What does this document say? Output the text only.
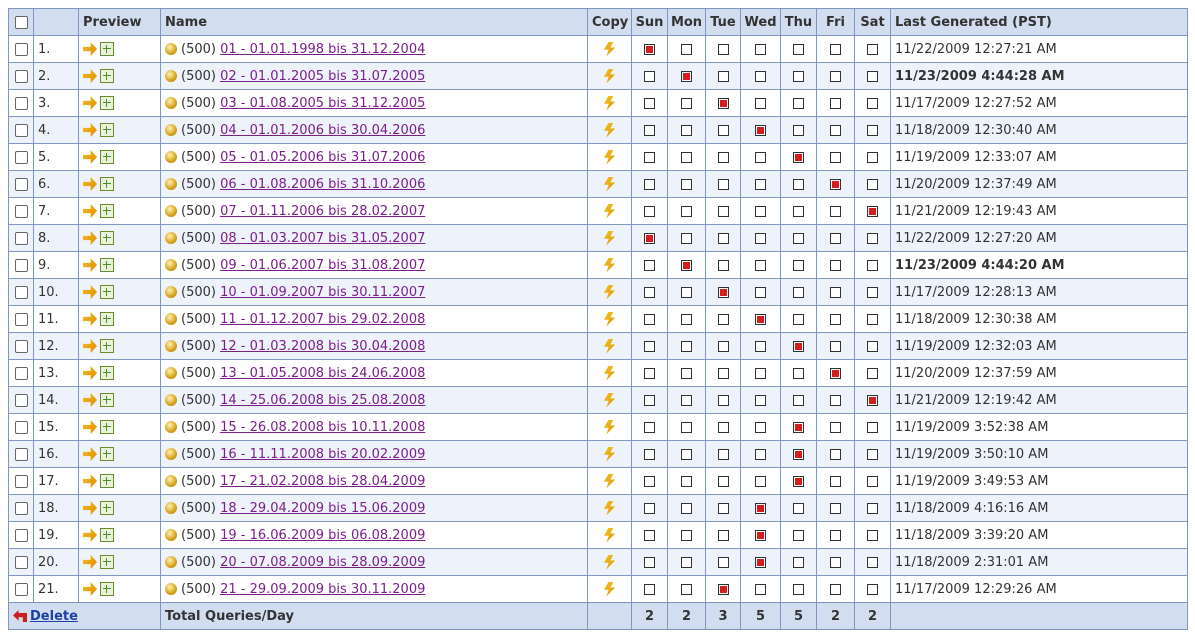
		Preview	Name	Copy	Sun	Mon	Tue	Wed	Thu	Fri	Sat	Last Generated (PST)
	1.		(500) 01 - 01.01.1998 bis 31.12.2004									11/22/2009 12:27:21 AM
	2.		(500) 02 - 01.01.2005 bis 31.07.2005									11/23/2009 4:44:28 AM
	3.		(500) 03 - 01.08.2005 bis 31.12.2005									11/17/2009 12:27:52 AM
	4.		(500) 04 - 01.01.2006 bis 30.04.2006									11/18/2009 12:30:40 AM
	5.		(500) 05 - 01.05.2006 bis 31.07.2006									11/19/2009 12:33:07 AM
	6.		(500) 06 - 01.08.2006 bis 31.10.2006									11/20/2009 12:37:49 AM
	7.		(500) 07 - 01.11.2006 bis 28.02.2007									11/21/2009 12:19:43 AM
	8.		(500) 08 - 01.03.2007 bis 31.05.2007									11/22/2009 12:27:20 AM
	9.		(500) 09 - 01.06.2007 bis 31.08.2007									11/23/2009 4:44:20 AM
	10.		(500) 10 - 01.09.2007 bis 30.11.2007									11/17/2009 12:28:13 AM
	11.		(500) 11 - 01.12.2007 bis 29.02.2008									11/18/2009 12:30:38 AM
	12.		(500) 12 - 01.03.2008 bis 30.04.2008									11/19/2009 12:32:03 AM
	13.		(500) 13 - 01.05.2008 bis 24.06.2008									11/20/2009 12:37:59 AM
	14.		(500) 14 - 25.06.2008 bis 25.08.2008									11/21/2009 12:19:42 AM
	15.		(500) 15 - 26.08.2008 bis 10.11.2008									11/19/2009 3:52:38 AM
	16.		(500) 16 - 11.11.2008 bis 20.02.2009									11/19/2009 3:50:10 AM
	17.		(500) 17 - 21.02.2008 bis 28.04.2009									11/19/2009 3:49:53 AM
	18.		(500) 18 - 29.04.2009 bis 15.06.2009									11/18/2009 4:16:16 AM
	19.		(500) 19 - 16.06.2009 bis 06.08.2009									11/18/2009 3:39:20 AM
	20.		(500) 20 - 07.08.2009 bis 28.09.2009									11/18/2009 2:31:01 AM
	21.		(500) 21 - 29.09.2009 bis 30.11.2009									11/17/2009 12:29:26 AM
Delete			Total Queries/Day		2	2	3	5	5	2	2	
